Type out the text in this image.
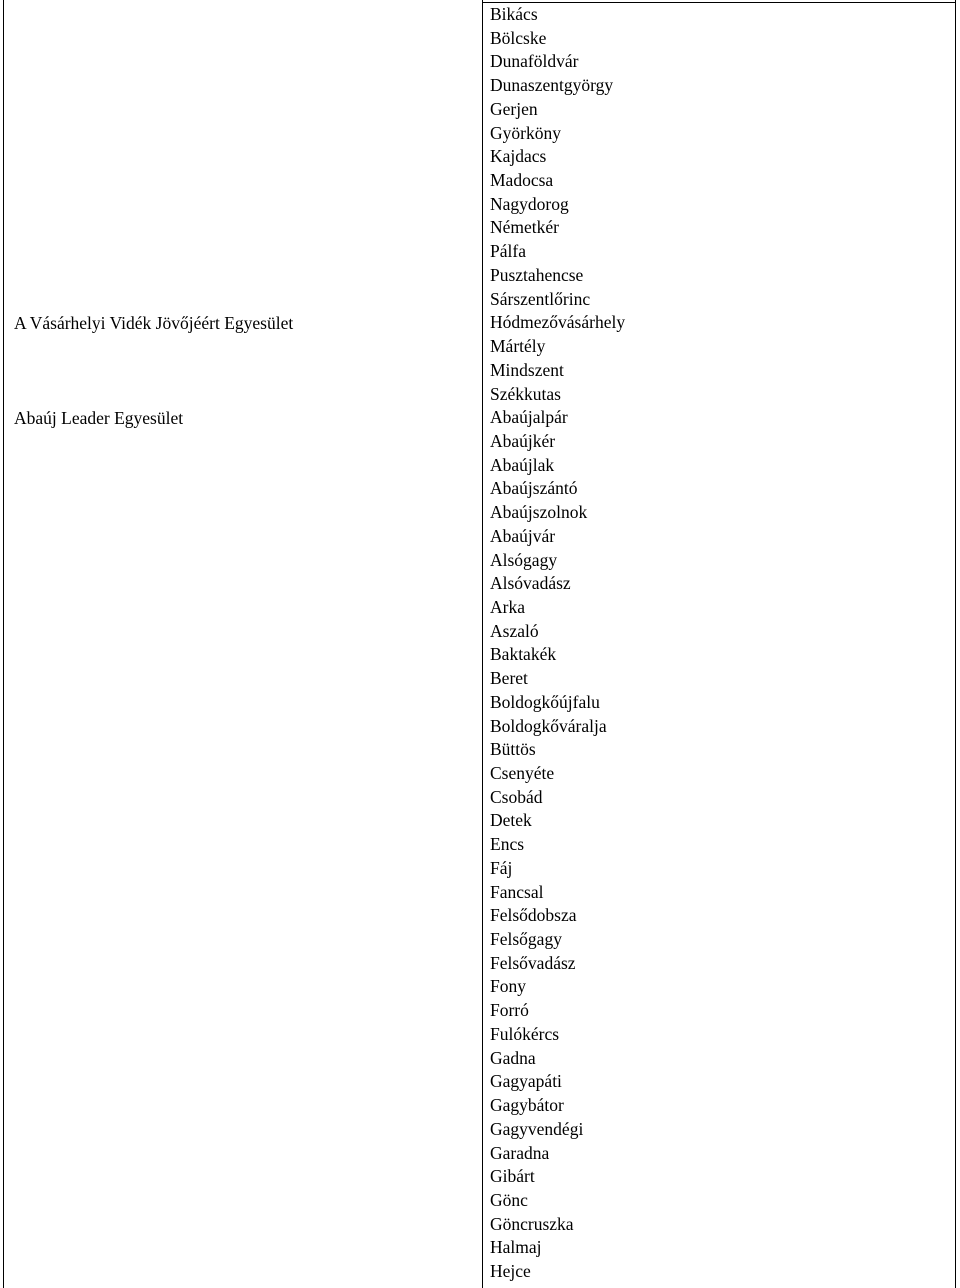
A Vásárhelyi Vidék Jövőjéért Egyesület
Abaúj Leader Egyesület
Bikács
Bölcske
Dunaföldvár
Dunaszentgyörgy
Gerjen
Györköny
Kajdacs
Madocsa
Nagydorog
Németkér
Pálfa
Pusztahencse
Sárszentlőrinc
Hódmezővásárhely
Mártély
Mindszent
Székkutas
Abaújalpár
Abaújkér
Abaújlak
Abaújszántó
Abaújszolnok
Abaújvár
Alsógagy
Alsóvadász
Arka
Aszaló
Baktakék
Beret
Boldogkőújfalu
Boldogkőváralja
Büttös
Csenyéte
Csobád
Detek
Encs
Fáj
Fancsal
Felsődobsza
Felsőgagy
Felsővadász
Fony
Forró
Fulókércs
Gadna
Gagyapáti
Gagybátor
Gagyvendégi
Garadna
Gibárt
Gönc
Göncruszka
Halmaj
Hejce
